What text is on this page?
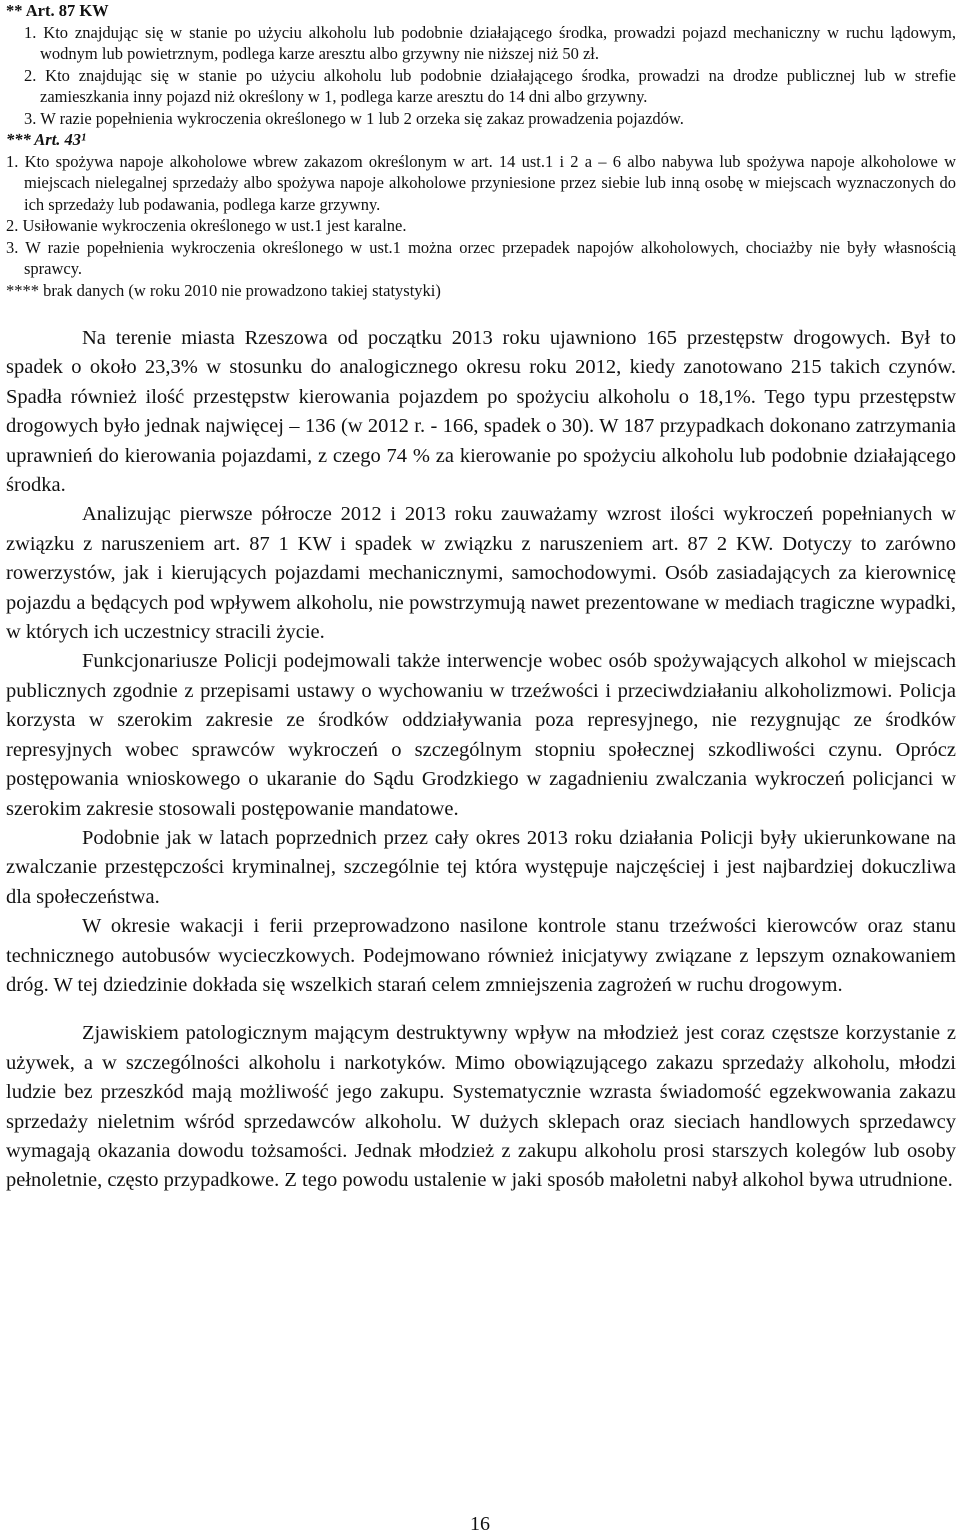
** Art. 87 KW

1. Kto znajdując się w stanie po użyciu alkoholu lub podobnie działającego środka, prowadzi pojazd mechaniczny w ruchu lądowym, wodnym lub powietrznym, podlega karze aresztu albo grzywny nie niższej niż 50 zł.

2. Kto znajdując się w stanie po użyciu alkoholu lub podobnie działającego środka, prowadzi na drodze publicznej lub w strefie zamieszkania inny pojazd niż określony w 1, podlega karze aresztu do 14 dni albo grzywny.

3. W razie popełnienia wykroczenia określonego w 1 lub 2 orzeka się zakaz prowadzenia pojazdów.

*** Art. 43¹

1. Kto spożywa napoje alkoholowe wbrew zakazom określonym w art. 14 ust.1 i 2 a – 6 albo nabywa lub spożywa napoje alkoholowe w miejscach nielegalnej sprzedaży albo spożywa napoje alkoholowe przyniesione przez siebie lub inną osobę w miejscach wyznaczonych do ich sprzedaży lub podawania, podlega karze grzywny.

2. Usiłowanie wykroczenia określonego w ust.1 jest karalne.

3. W razie popełnienia wykroczenia określonego w ust.1 można orzec przepadek napojów alkoholowych, chociażby nie były własnością sprawcy.

**** brak danych (w roku 2010 nie prowadzono takiej statystyki)

Na terenie miasta Rzeszowa od początku 2013 roku ujawniono 165 przestępstw drogowych. Był to spadek o około 23,3% w stosunku do analogicznego okresu roku 2012, kiedy zanotowano 215 takich czynów. Spadła również ilość przestępstw kierowania pojazdem po spożyciu alkoholu o 18,1%. Tego typu przestępstw drogowych było jednak najwięcej – 136 (w 2012 r. - 166, spadek o 30). W 187 przypadkach dokonano zatrzymania uprawnień do kierowania pojazdami, z czego 74 % za kierowanie po spożyciu alkoholu lub podobnie działającego środka.

Analizując pierwsze półrocze 2012 i 2013 roku zauważamy wzrost ilości wykroczeń popełnianych w związku z naruszeniem art. 87 1 KW i spadek w związku z naruszeniem art. 87 2 KW. Dotyczy to zarówno rowerzystów, jak i kierujących pojazdami mechanicznymi, samochodowymi. Osób zasiadających za kierownicę pojazdu a będących pod wpływem alkoholu, nie powstrzymują nawet prezentowane w mediach tragiczne wypadki, w których ich uczestnicy stracili życie.

Funkcjonariusze Policji podejmowali także interwencje wobec osób spożywających alkohol w miejscach publicznych zgodnie z przepisami ustawy o wychowaniu w trzeźwości i przeciwdziałaniu alkoholizmowi. Policja korzysta w szerokim zakresie ze środków oddziaływania poza represyjnego, nie rezygnując ze środków represyjnych wobec sprawców wykroczeń o szczególnym stopniu społecznej szkodliwości czynu. Oprócz postępowania wnioskowego o ukaranie do Sądu Grodzkiego w zagadnieniu zwalczania wykroczeń policjanci w szerokim zakresie stosowali postępowanie mandatowe.

Podobnie jak w latach poprzednich przez cały okres 2013 roku działania Policji były ukierunkowane na zwalczanie przestępczości kryminalnej, szczególnie tej która występuje najczęściej i jest najbardziej dokuczliwa dla społeczeństwa.

W okresie wakacji i ferii przeprowadzono nasilone kontrole stanu trzeźwości kierowców oraz stanu technicznego autobusów wycieczkowych. Podejmowano również inicjatywy związane z lepszym oznakowaniem dróg. W tej dziedzinie dokłada się wszelkich starań celem zmniejszenia zagrożeń w ruchu drogowym.

Zjawiskiem patologicznym mającym destruktywny wpływ na młodzież jest coraz częstsze korzystanie z używek, a w szczególności alkoholu i narkotyków. Mimo obowiązującego zakazu sprzedaży alkoholu, młodzi ludzie bez przeszkód mają możliwość jego zakupu. Systematycznie wzrasta świadomość egzekwowania zakazu sprzedaży nieletnim wśród sprzedawców alkoholu. W dużych sklepach oraz sieciach handlowych sprzedawcy wymagają okazania dowodu tożsamości. Jednak młodzież z zakupu alkoholu prosi starszych kolegów lub osoby pełnoletnie, często przypadkowe. Z tego powodu ustalenie w jaki sposób małoletni nabył alkohol bywa utrudnione.

16
